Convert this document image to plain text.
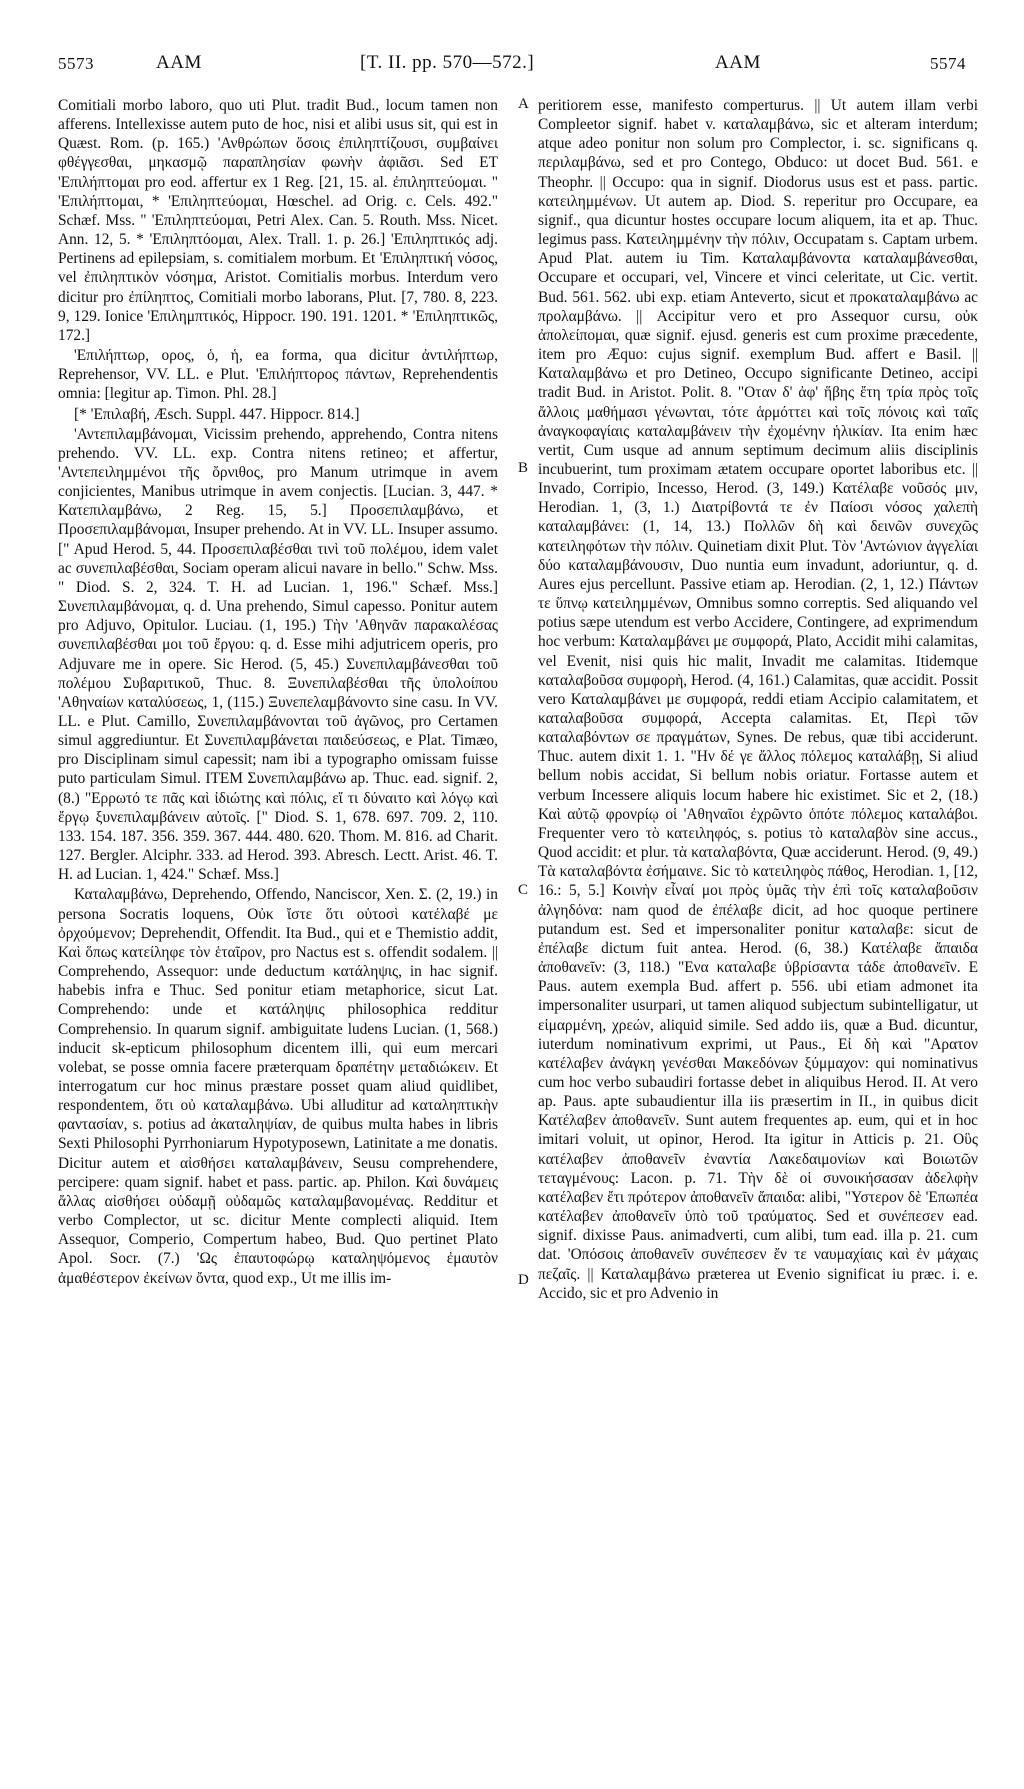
5573	AAM	[T. II. pp. 570—572.]	AAM	5574
A
B
C
D

Comitiali morbo laboro, quo uti Plut. tradit Bud., locum tamen non afferens. Intellexisse autem puto de hoc, nisi et alibi usus sit, qui est in Quæst. Rom. (p. 165.) 'Ανθρώπων ὅσοις ἐπιληπτίζουσι, συμβαίνει φθέγγεσθαι, μηκασμῷ παραπλησίαν φωνὴν ἀφιᾶσι. Sed ET 'Επιλήπτομαι pro eod. affertur ex 1 Reg. [21, 15. al. ἐπιληπτεύομαι. " 'Επιλήπτομαι, * 'Επιληπτεύομαι, Hœschel. ad Orig. c. Cels. 492." Schæf. Mss. " 'Επιληπτεύομαι, Petri Alex. Can. 5. Routh. Mss. Nicet. Ann. 12, 5. * 'Επιληπτόομαι, Alex. Trall. 1. p. 26.] 'Επιληπτικός adj. Pertinens ad epilepsiam, s. comitialem morbum. Et 'Επιληπτική νόσος, vel ἐπιληπτικὸν νόσημα, Aristot. Comitialis morbus. Interdum vero dicitur pro ἐπίληπτος, Comitiali morbo laborans, Plut. [7, 780. 8, 223. 9, 129. Ionice 'Επιλημπτικός, Hippocr. 190. 191. 1201. * 'Επιληπτικῶς, 172.]

'Επιλήπτωρ, ορος, ὁ, ἡ, ea forma, qua dicitur ἀντιλήπτωρ, Reprehensor, VV. LL. e Plut. 'Επιλήπτορος πάντων, Reprehendentis omnia: [legitur ap. Timon. Phl. 28.]

[* 'Επιλαβή, Æsch. Suppl. 447. Hippocr. 814.]

'Αντεπιλαμβάνομαι, Vicissim prehendo, apprehendo, Contra nitens prehendo. VV. LL. exp. Contra nitens retineo; et affertur, 'Αντεπειλημμένοι τῆς ὄρνιθος, pro Manum utrimque in avem conjicientes, Manibus utrimque in avem conjectis. [Lucian. 3, 447. * Κατεπιλαμβάνω, 2 Reg. 15, 5.] Προσεπιλαμβάνω, et Προσεπιλαμβάνομαι, Insuper prehendo. At in VV. LL. Insuper assumo. [" Apud Herod. 5, 44. Προσεπιλαβέσθαι τινὶ τοῦ πολέμου, idem valet ac συνεπιλαβέσθαι, Sociam operam alicui navare in bello." Schw. Mss. " Diod. S. 2, 324. T. H. ad Lucian. 1, 196." Schæf. Mss.] Συνεπιλαμβάνομαι, q. d. Una prehendo, Simul capesso. Ponitur autem pro Adjuvo, Opitulor. Luciau. (1, 195.) Τὴν 'Αθηνᾶν παρακαλέσας συνεπιλαβέσθαι μοι τοῦ ἔργου: q. d. Esse mihi adjutricem operis, pro Adjuvare me in opere. Sic Herod. (5, 45.) Συνεπιλαμβάνεσθαι τοῦ πολέμου Συβαριτικοῦ, Thuc. 8. Ξυνεπιλαβέσθαι τῆς ὑπολοίπου 'Αθηναίων καταλύσεως, 1, (115.) Ξυνεπελαμβάνοντο sine casu. In VV. LL. e Plut. Camillo, Συνεπιλαμβάνονται τοῦ ἀγῶνος, pro Certamen simul aggrediuntur. Et Συνεπιλαμβάνεται παιδεύσεως, e Plat. Timæo, pro Disciplinam simul capessit; nam ibi a typographo omissam fuisse puto particulam Simul. ITEM Συνεπιλαμβάνω ap. Thuc. ead. signif. 2, (8.) "Ερρωτό τε πᾶς καὶ ἰδιώτης καὶ πόλις, εἴ τι δύναιτο καὶ λόγῳ καὶ ἔργῳ ξυνεπιλαμβάνειν αὐτοῖς. [" Diod. S. 1, 678. 697. 709. 2, 110. 133. 154. 187. 356. 359. 367. 444. 480. 620. Thom. M. 816. ad Charit. 127. Bergler. Alciphr. 333. ad Herod. 393. Abresch. Lectt. Arist. 46. T. H. ad Lucian. 1, 424." Schæf. Mss.]

Καταλαμβάνω, Deprehendo, Offendo, Nanciscor, Xen. Σ. (2, 19.) in persona Socratis loquens, Οὐκ ἴστε ὅτι οὑτοσὶ κατέλαβέ με ὀρχούμενον; Deprehendit, Offendit. Ita Bud., qui et e Themistio addit, Καὶ ὅπως κατείληφε τὸν ἑταῖρον, pro Nactus est s. offendit sodalem. || Comprehendo, Assequor: unde deductum κατάληψις, in hac signif. habebis infra e Thuc. Sed ponitur etiam metaphorice, sicut Lat. Comprehendo: unde et κατάληψις philosophica redditur Comprehensio. In quarum signif. ambiguitate ludens Lucian. (1, 568.) inducit sk-epticum philosophum dicentem illi, qui eum mercari volebat, se posse omnia facere præterquam δραπέτην μεταδιώκειν. Et interrogatum cur hoc minus præstare posset quam aliud quidlibet, respondentem, ὅτι οὐ καταλαμβάνω. Ubi alluditur ad καταληπτικὴν φαντασίαν, s. potius ad ἀκαταληψίαν, de quibus multa habes in libris Sexti Philosophi Pyrrhoniarum Hypotyposewn, Latinitate a me donatis. Dicitur autem et αἰσθήσει καταλαμβάνειν, Seusu comprehendere, percipere: quam signif. habet et pass. partic. ap. Philon. Καὶ δυνάμεις ἄλλας αἰσθήσει οὐδαμῇ οὐδαμῶς καταλαμβανομένας. Redditur et verbo Complector, ut sc. dicitur Mente complecti aliquid. Item Assequor, Comperio, Compertum habeo, Bud. Quo pertinet Plato Apol. Socr. (7.) 'Ως ἐπαυτοφώρῳ καταληψόμενος ἐμαυτὸν ἀμαθέστερον ἐκείνων ὄντα, quod exp., Ut me illis im-

peritiorem esse, manifesto comperturus. || Ut autem illam verbi Compleetor signif. habet v. καταλαμβάνω, sic et alteram interdum; atque adeo ponitur non solum pro Complector, i. sc. significans q. περιλαμβάνω, sed et pro Contego, Obduco: ut docet Bud. 561. e Theophr. || Occupo: qua in signif. Diodorus usus est et pass. partic. κατειλημμένων. Ut autem ap. Diod. S. reperitur pro Occupare, ea signif., qua dicuntur hostes occupare locum aliquem, ita et ap. Thuc. legimus pass. Κατειλημμένην τὴν πόλιν, Occupatam s. Captam urbem. Apud Plat. autem iu Tim. Καταλαμβάνοντα καταλαμβάνεσθαι, Occupare et occupari, vel, Vincere et vinci celeritate, ut Cic. vertit. Bud. 561. 562. ubi exp. etiam Anteverto, sicut et προκαταλαμβάνω ac προλαμβάνω. || Accipitur vero et pro Assequor cursu, οὐκ ἀπολείπομαι, quæ signif. ejusd. generis est cum proxime præcedente, item pro Æquo: cujus signif. exemplum Bud. affert e Basil. || Καταλαμβάνω et pro Detineo, Occupo significante Detineo, accipi tradit Bud. in Aristot. Polit. 8. "Οταν δ' ἀφ' ἥβης ἔτη τρία πρὸς τοῖς ἄλλοις μαθήμασι γένωνται, τότε ἁρμόττει καὶ τοῖς πόνοις καὶ ταῖς ἀναγκοφαγίαις καταλαμβάνειν τὴν ἐχομένην ἡλικίαν. Ita enim hæc vertit, Cum usque ad annum septimum decimum aliis disciplinis incubuerint, tum proximam ætatem occupare oportet laboribus etc. || Invado, Corripio, Incesso, Herod. (3, 149.) Κατέλαβε νοῦσός μιν, Herodian. 1, (3, 1.) Διατρίβοντά τε ἐν Παίοσι νόσος χαλεπὴ καταλαμβάνει: (1, 14, 13.) Πολλῶν δὴ καὶ δεινῶν συνεχῶς κατειληφότων τὴν πόλιν. Quinetiam dixit Plut. Τὸν 'Αντώνιον ἀγγελίαι δύο καταλαμβάνουσιν, Duo nuntia eum invadunt, adoriuntur, q. d. Aures ejus percellunt. Passive etiam ap. Herodian. (2, 1, 12.) Πάντων τε ὕπνῳ κατειλημμένων, Omnibus somno correptis. Sed aliquando vel potius sæpe utendum est verbo Accidere, Contingere, ad exprimendum hoc verbum: Καταλαμβάνει με συμφορά, Plato, Accidit mihi calamitas, vel Evenit, nisi quis hic malit, Invadit me calamitas. Itidemque καταλαβοῦσα συμφορὴ, Herod. (4, 161.) Calamitas, quæ accidit. Possit vero Καταλαμβάνει με συμφορά, reddi etiam Accipio calamitatem, et καταλαβοῦσα συμφορά, Accepta calamitas. Et, Περὶ τῶν καταλαβόντων σε πραγμάτων, Synes. De rebus, quæ tibi acciderunt. Thuc. autem dixit 1. 1. "Ην δέ γε ἄλλος πόλεμος καταλάβῃ, Si aliud bellum nobis accidat, Si bellum nobis oriatur. Fortasse autem et verbum Incessere aliquis locum habere hic existimet. Sic et 2, (18.) Καὶ αὐτῷ φρονρίῳ οἱ 'Αθηναῖοι ἐχρῶντο ὁπότε πόλεμος καταλάβοι. Frequenter vero τὸ κατειληφός, s. potius τὸ καταλαβὸν sine accus., Quod accidit: et plur. τὰ καταλαβόντα, Quæ acciderunt. Herod. (9, 49.) Τὰ καταλαβόντα ἐσήμαινε. Sic τὸ κατειληφὸς πάθος, Herodian. 1, [12, 16.: 5, 5.] Κοινὴν εἶναί μοι πρὸς ὑμᾶς τὴν ἐπὶ τοῖς καταλαβοῦσιν ἀλγηδόνα: nam quod de ἐπέλαβε dicit, ad hoc quoque pertinere putandum est. Sed et impersonaliter ponitur καταλαβε: sicut de ἐπέλαβε dictum fuit antea. Herod. (6, 38.) Κατέλαβε ἄπαιδα ἀποθανεῖν: (3, 118.) "Ενα καταλαβε ὑβρίσαντα τάδε ἀποθανεῖν. E Paus. autem exempla Bud. affert p. 556. ubi etiam admonet ita impersonaliter usurpari, ut tamen aliquod subjectum subintelligatur, ut εἱμαρμένη, χρεών, aliquid simile. Sed addo iis, quæ a Bud. dicuntur, iuterdum nominativum exprimi, ut Paus., Εἰ δὴ καὶ "Αρατον κατέλαβεν ἀνάγκη γενέσθαι Μακεδόνων ξύμμαχον: qui nominativus cum hoc verbo subaudiri fortasse debet in aliquibus Herod. II. At vero ap. Paus. apte subaudientur illa iis præsertim in II., in quibus dicit Κατέλαβεν ἀποθανεῖν. Sunt autem frequentes ap. eum, qui et in hoc imitari voluit, ut opinor, Herod. Ita igitur in Atticis p. 21. Οὓς κατέλαβεν ἀποθανεῖν ἐναντία Λακεδαιμονίων καὶ Βοιωτῶν τεταγμένους: Lacon. p. 71. Τὴν δὲ οἱ συνοικήσασαν ἀδελφὴν κατέλαβεν ἔτι πρότερον ἀποθανεῖν ἄπαιδα: alibi, "Υστερον δὲ 'Επωπέα κατέλαβεν ἀποθανεῖν ὑπὸ τοῦ τραύματος. Sed et συνέπεσεν ead. signif. dixisse Paus. animadverti, cum alibi, tum ead. illa p. 21. cum dat. 'Οπόσοις ἀποθανεῖν συνέπεσεν ἔν τε ναυμαχίαις καὶ ἐν μάχαις πεζαῖς. || Καταλαμβάνω præterea ut Evenio significat iu præc. i. e. Accido, sic et pro Advenio in
